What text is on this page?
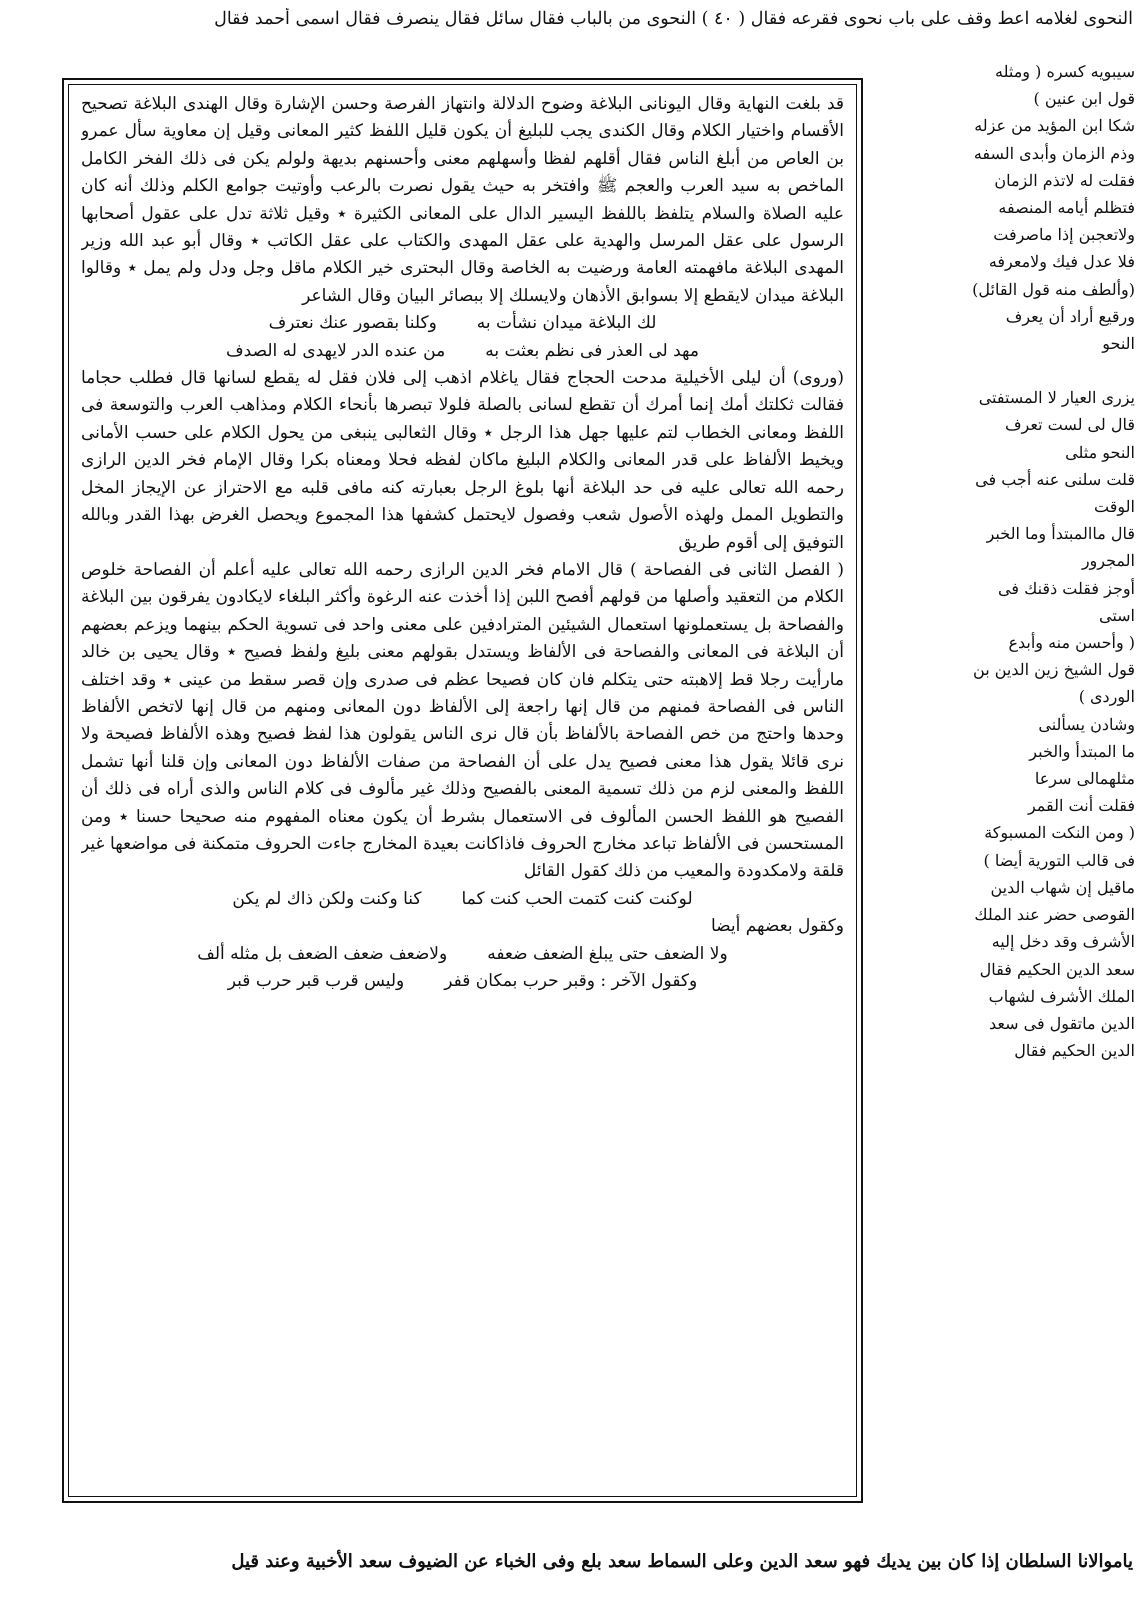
النحوى لغلامه اعط وقف على باب نحوى فقرعه فقال ( ٤٠ ) النحوى من بالباب فقال سائل فقال ينصرف فقال اسمى أحمد فقال

قد بلغت النهاية وقال اليونانى البلاغة وضوح الدلالة وانتهاز الفرصة وحسن الإشارة وقال الهندى البلاغة تصحيح الأقسام واختيار الكلام وقال الكندى يجب للبليغ أن يكون قليل اللفظ كثير المعانى وقيل إن معاوية سأل عمرو بن العاص من أبلغ الناس فقال أقلهم لفظا وأسهلهم معنى وأحسنهم بديهة ولولم يكن فى ذلك الفخر الكامل الماخص به سيد العرب والعجم ﷺ وافتخر به حيث يقول نصرت بالرعب وأوتيت جوامع الكلم وذلك أنه كان عليه الصلاة والسلام يتلفظ باللفظ اليسير الدال على المعانى الكثيرة ٭ وقيل ثلاثة تدل على عقول أصحابها الرسول على عقل المرسل والهدية على عقل المهدى والكتاب على عقل الكاتب ٭ وقال أبو عبد الله وزير المهدى البلاغة مافهمته العامة ورضيت به الخاصة وقال البحترى خير الكلام ماقل وجل ودل ولم يمل ٭ وقالوا البلاغة ميدان لايقطع إلا بسوابق الأذهان ولايسلك إلا ببصائر البيان وقال الشاعر

لك البلاغة ميدان نشأت به
وكلنا بقصور عنك نعترف
مهد لى العذر فى نظم بعثت به
من عنده الدر لايهدى له الصدف

(وروى) أن ليلى الأخيلية مدحت الحجاج فقال ياغلام اذهب إلى فلان فقل له يقطع لسانها قال فطلب حجاما فقالت ثكلتك أمك إنما أمرك أن تقطع لسانى بالصلة فلولا تبصرها بأنحاء الكلام ومذاهب العرب والتوسعة فى اللفظ ومعانى الخطاب لتم عليها جهل هذا الرجل ٭ وقال الثعالبى ينبغى من يحول الكلام على حسب الأمانى ويخيط الألفاظ على قدر المعانى والكلام البليغ ماكان لفظه فحلا ومعناه بكرا وقال الإمام فخر الدين الرازى رحمه الله تعالى عليه فى حد البلاغة أنها بلوغ الرجل بعبارته كنه مافى قلبه مع الاحتراز عن الإيجاز المخل والتطويل الممل ولهذه الأصول شعب وفصول لايحتمل كشفها هذا المجموع ويحصل الغرض بهذا القدر وبالله التوفيق إلى أقوم طريق

( الفصل الثانى فى الفصاحة ) قال الامام فخر الدين الرازى رحمه الله تعالى عليه أعلم أن الفصاحة خلوص الكلام من التعقيد وأصلها من قولهم أفصح اللبن إذا أخذت عنه الرغوة وأكثر البلغاء لايكادون يفرقون بين البلاغة والفصاحة بل يستعملونها استعمال الشيئين المترادفين على معنى واحد فى تسوية الحكم بينهما ويزعم بعضهم أن البلاغة فى المعانى والفصاحة فى الألفاظ ويستدل بقولهم معنى بليغ ولفظ فصيح ٭ وقال يحيى بن خالد مارأيت رجلا قط إلاهبته حتى يتكلم فان كان فصيحا عظم فى صدرى وإن قصر سقط من عينى ٭ وقد اختلف الناس فى الفصاحة فمنهم من قال إنها راجعة إلى الألفاظ دون المعانى ومنهم من قال إنها لاتخص الألفاظ وحدها واحتج من خص الفصاحة بالألفاظ بأن قال نرى الناس يقولون هذا لفظ فصيح وهذه الألفاظ فصيحة ولا نرى قائلا يقول هذا معنى فصيح يدل على أن الفصاحة من صفات الألفاظ دون المعانى وإن قلنا أنها تشمل اللفظ والمعنى لزم من ذلك تسمية المعنى بالفصيح وذلك غير مألوف فى كلام الناس والذى أراه فى ذلك أن الفصيح هو اللفظ الحسن المألوف فى الاستعمال بشرط أن يكون معناه المفهوم منه صحيحا حسنا ٭ ومن المستحسن فى الألفاظ تباعد مخارج الحروف فاذاكانت بعيدة المخارج جاءت الحروف متمكنة فى مواضعها غير قلقة ولامكدودة والمعيب من ذلك كقول القائل

لوكنت كنت كتمت الحب كنت كما
كنا وكنت ولكن ذاك لم يكن

وكقول بعضهم أيضا

ولا الضعف حتى يبلغ الضعف ضعفه
ولاضعف ضعف الضعف بل مثله ألف
وكقول الآخر : وقبر حرب بمكان قفر
وليس قرب قبر حرب قبر

سيبويه كسره ( ومثله

قول ابن عنين )

شكا ابن المؤيد من عزله

وذم الزمان وأبدى السفه

فقلت له لاتذم الزمان

فتظلم أيامه المنصفه

ولاتعجبن إذا ماصرفت

فلا عدل فيك ولامعرفه

(وألطف منه قول القائل)

ورقيع أراد أن يعرف

النحو

يزرى العيار لا المستفتى

قال لى لست تعرف

النحو مثلى

قلت سلنى عنه أجب فى

الوقت

قال ماالمبتدأ وما الخبر

المجرور

أوجز فقلت ذقنك فى

استى

( وأحسن منه وأبدع

قول الشيخ زين الدين بن

الوردى )

وشادن يسألنى

ما المبتدأ والخبر

مثلهمالى سرعا

فقلت أنت القمر

( ومن النكت المسبوكة

فى قالب التورية أيضا )

ماقيل إن شهاب الدين

القوصى حضر عند الملك

الأشرف وقد دخل إليه

سعد الدين الحكيم فقال

الملك الأشرف لشهاب

الدين ماتقول فى سعد

الدين الحكيم فقال

ياموالانا السلطان إذا كان بين يديك فهو سعد الدين وعلى السماط سعد بلع وفى الخباء عن الضيوف سعد الأخبية وعند قيل
